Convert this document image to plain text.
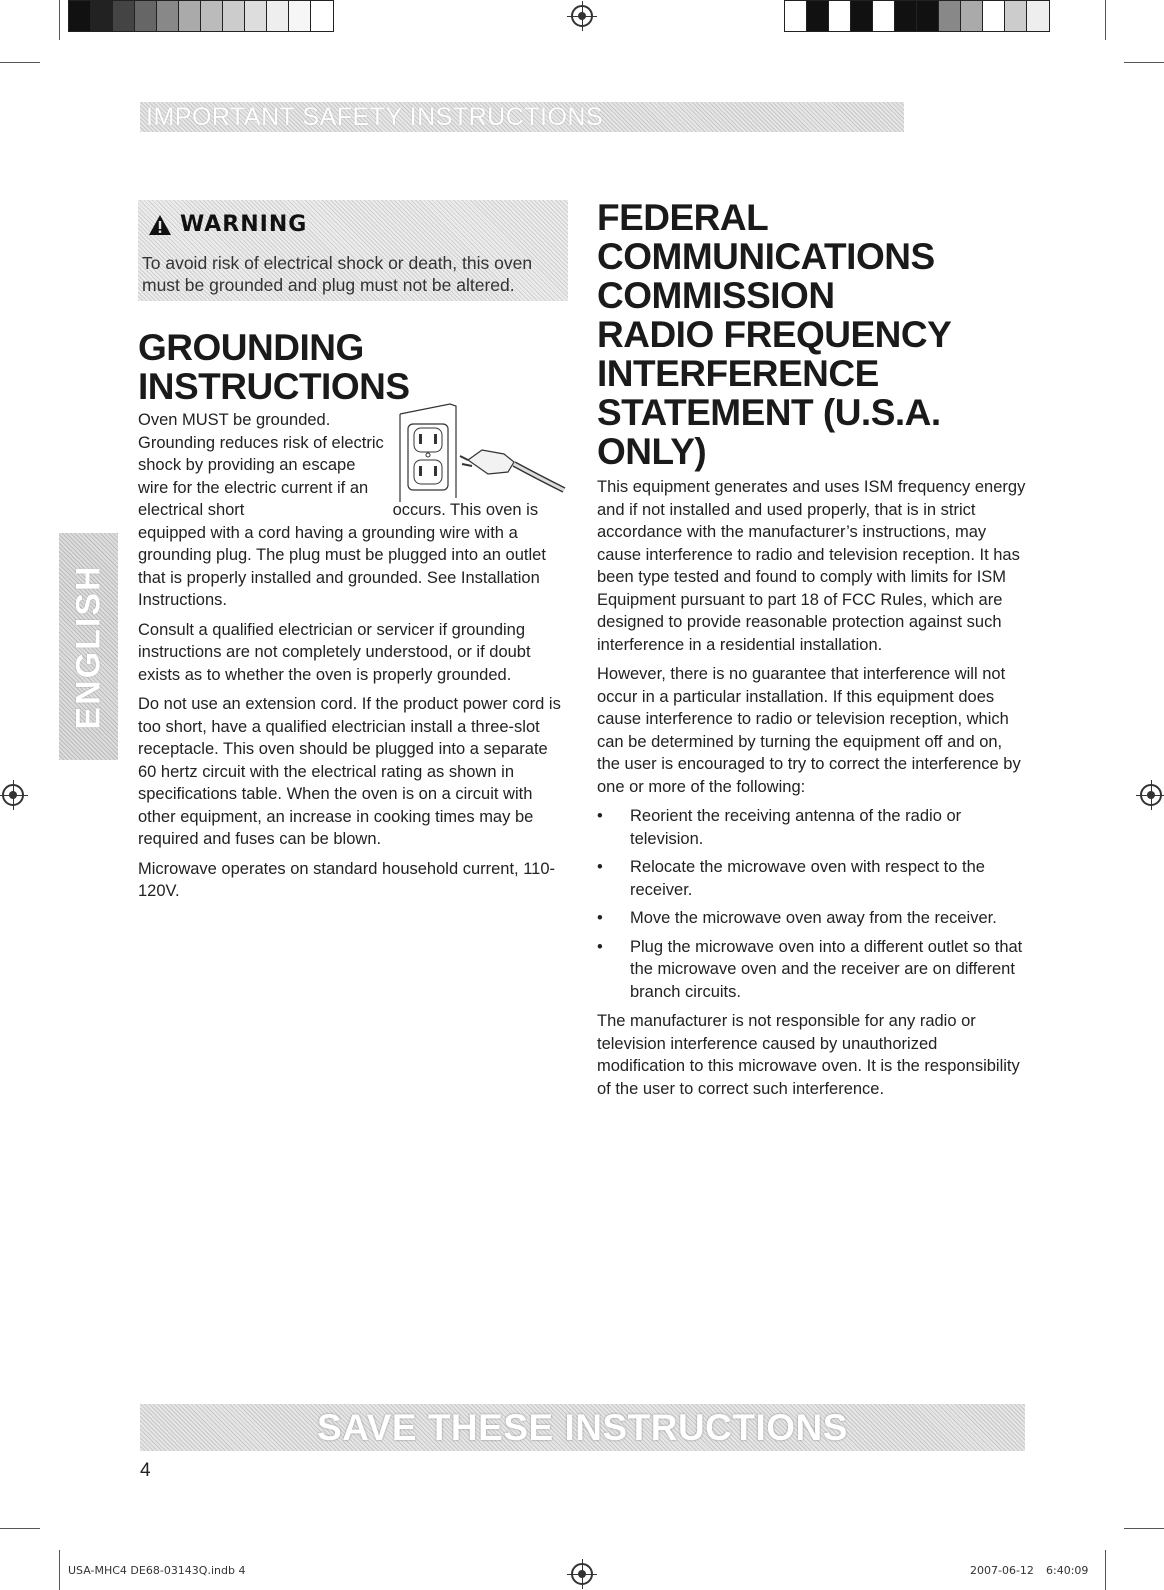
IMPORTANT SAFETY INSTRUCTIONS
WARNING
To avoid risk of electrical shock or death, this oven must be grounded and plug must not be altered.
GROUNDING
INSTRUCTIONS

Oven MUST be grounded. Grounding reduces risk of electric shock by providing an escape wire for the electric current if an electrical short	occurs. This oven is equipped with a cord having a grounding wire with a grounding plug. The plug must be plugged into an outlet that is properly installed and grounded. See Installation Instructions.

Consult a qualified electrician or servicer if grounding instructions are not completely understood, or if doubt exists as to whether the oven is properly grounded.

Do not use an extension cord. If the product power cord is too short, have a qualified electrician install a three-slot receptacle. This oven should be plugged into a separate 60 hertz circuit with the electrical rating as shown in specifications table. When the oven is on a circuit with other equipment, an increase in cooking times may be required and fuses can be blown.

Microwave operates on standard household current, 110- 120V.

ENGLISH
FEDERAL
COMMUNICATIONS
COMMISSION
RADIO FREQUENCY
INTERFERENCE
STATEMENT (U.S.A.
ONLY)

This equipment generates and uses ISM frequency energy and if not installed and used properly, that is in strict accordance with the manufacturer’s instructions, may cause interference to radio and television reception. It has been type tested and found to comply with limits for ISM Equipment pursuant to part 18 of FCC Rules, which are designed to provide reasonable protection against such interference in a residential installation.

However, there is no guarantee that interference will not occur in a particular installation. If this equipment does cause interference to radio or television reception, which can be determined by turning the equipment off and on, the user is encouraged to try to correct the interference by one or more of the following:

• Reorient the receiving antenna of the radio or television.
• Relocate the microwave oven with respect to the receiver.
• Move the microwave oven away from the receiver.
• Plug the microwave oven into a different outlet so that the microwave oven and the receiver are on different branch circuits.

The manufacturer is not responsible for any radio or television interference caused by unauthorized modification to this microwave oven. It is the responsibility of the user to correct such interference.

SAVE THESE INSTRUCTIONS
4
USA-MHC4 DE68-03143Q.indb 4	2007-06-12 6:40:09
